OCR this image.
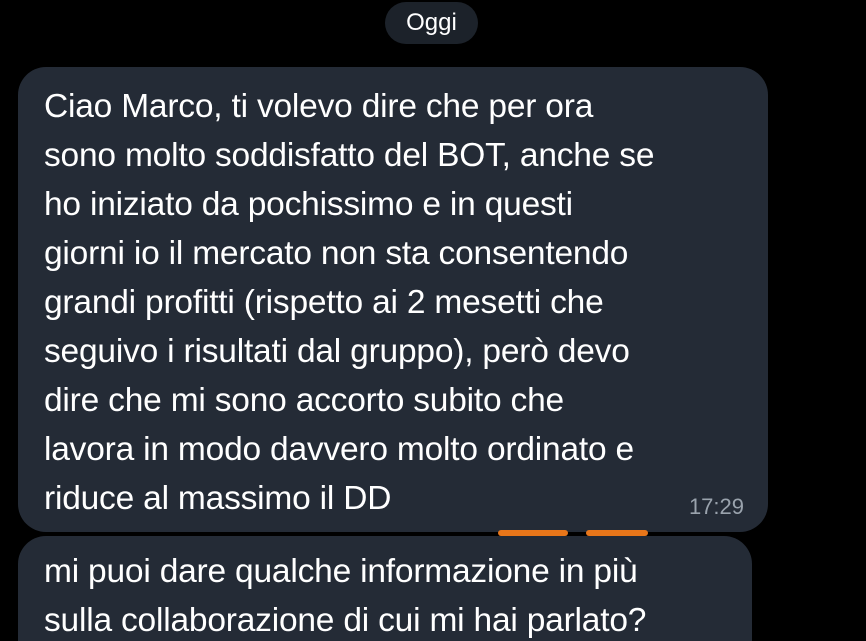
Oggi

Ciao Marco, ti volevo dire che per ora
sono molto soddisfatto del BOT, anche se
ho iniziato da pochissimo e in questi
giorni io il mercato non sta consentendo
grandi profitti (rispetto ai 2 mesetti che
seguivo i risultati dal gruppo), però devo
dire che mi sono accorto subito che
lavora in modo davvero molto ordinato e
riduce al massimo il DD	17:29

mi puoi dare qualche informazione in più
sulla collaborazione di cui mi hai parlato?
